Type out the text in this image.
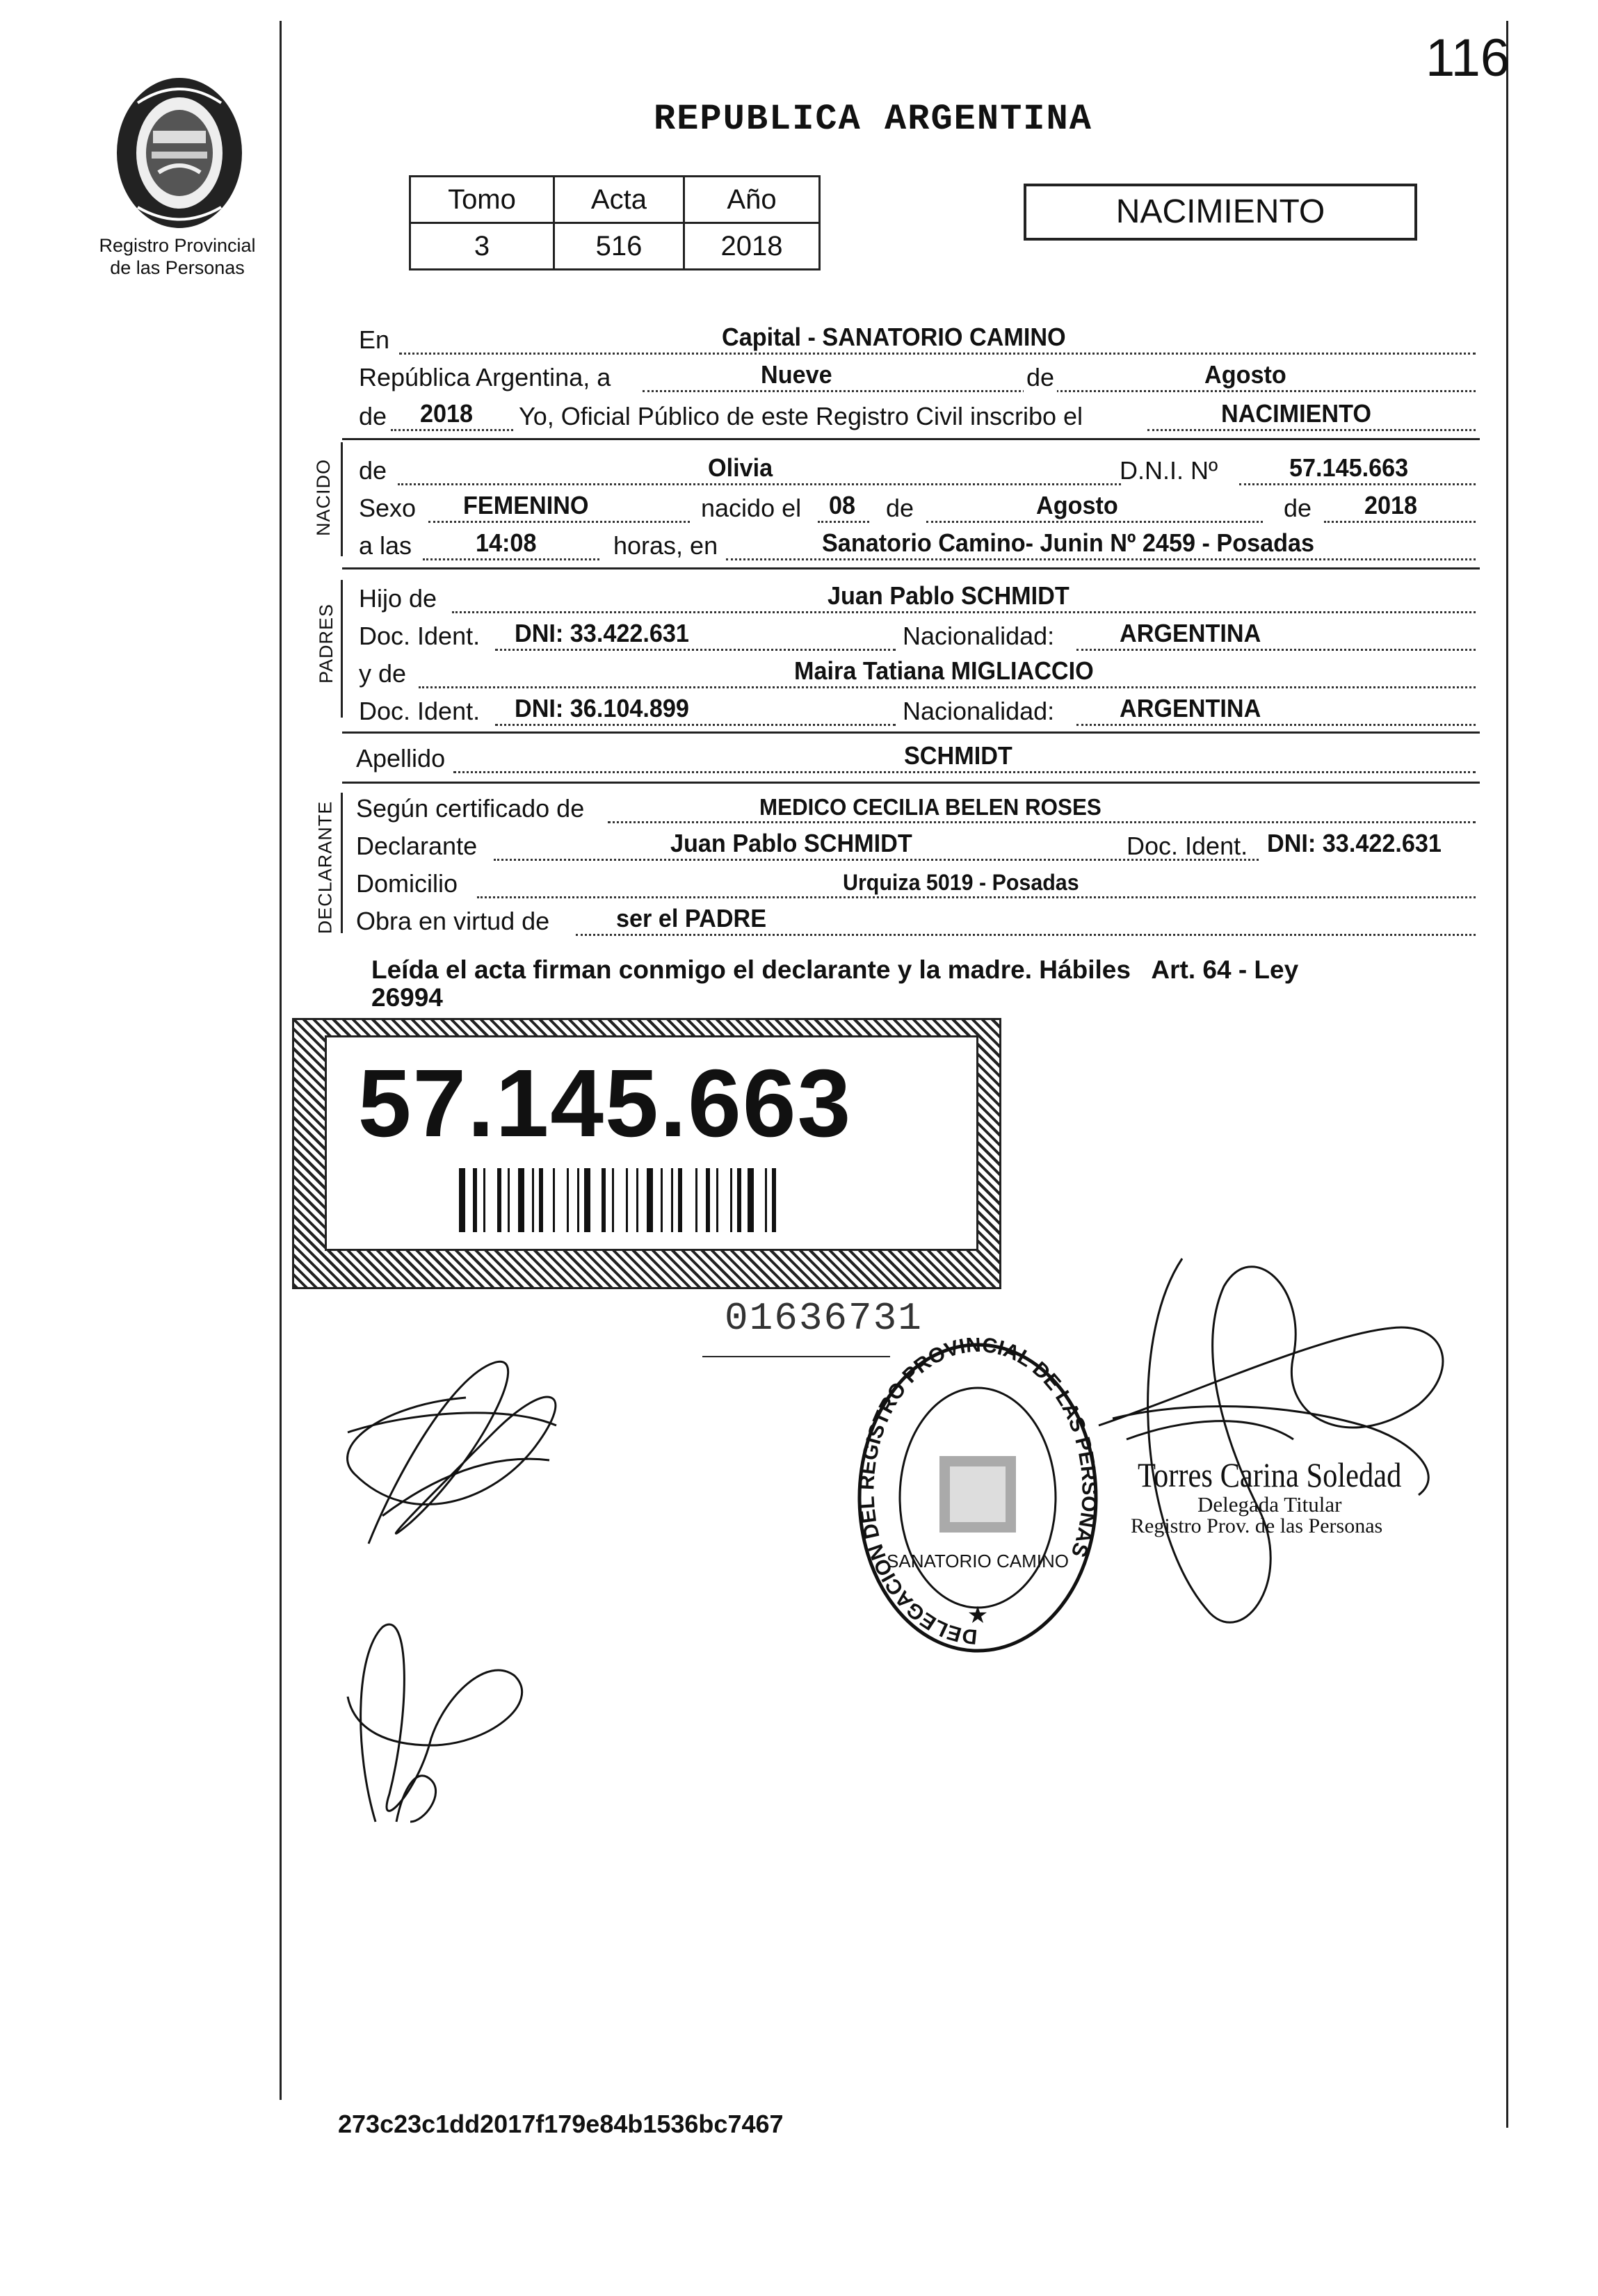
116
Registro Provincial
de las Personas
REPUBLICA ARGENTINA
Tomo	Acta	Año
3	516	2018
NACIMIENTO
En	Capital - SANATORIO CAMINO
República Argentina, a	Nueve	de	Agosto
de 2018 Yo, Oficial Público de este Registro Civil inscribo el	NACIMIENTO
NACIDO de	Olivia	D.N.I. Nº	57.145.663
Sexo FEMENINO	nacido el 08 de	Agosto	de 2018
a las	14:08	horas, en	Sanatorio Camino- Junin Nº 2459 - Posadas
PADRES
Hijo de	Juan Pablo SCHMIDT
Doc. Ident. DNI: 33.422.631	Nacionalidad:	ARGENTINA
y de	Maira Tatiana MIGLIACCIO
Doc. Ident. DNI: 36.104.899	Nacionalidad:	ARGENTINA
Apellido	SCHMIDT
DECLARANTE Según certificado de	MEDICO CECILIA BELEN ROSES
Declarante	Juan Pablo SCHMIDT	Doc. Ident. DNI: 33.422.631
Domicilio	Urquiza 5019 - Posadas
Obra en virtud de	ser el PADRE
Leída el acta firman conmigo el declarante y la madre. Hábiles   Art. 64 - Ley
26994
57.145.663
01636731
DELEGACION DEL REGISTRO PROVINCIAL DE LAS PERSONAS
SANATORIO CAMINO
★
Torres Carina Soledad
Delegada Titular
Registro Prov. de las Personas
273c23c1dd2017f179e84b1536bc7467
